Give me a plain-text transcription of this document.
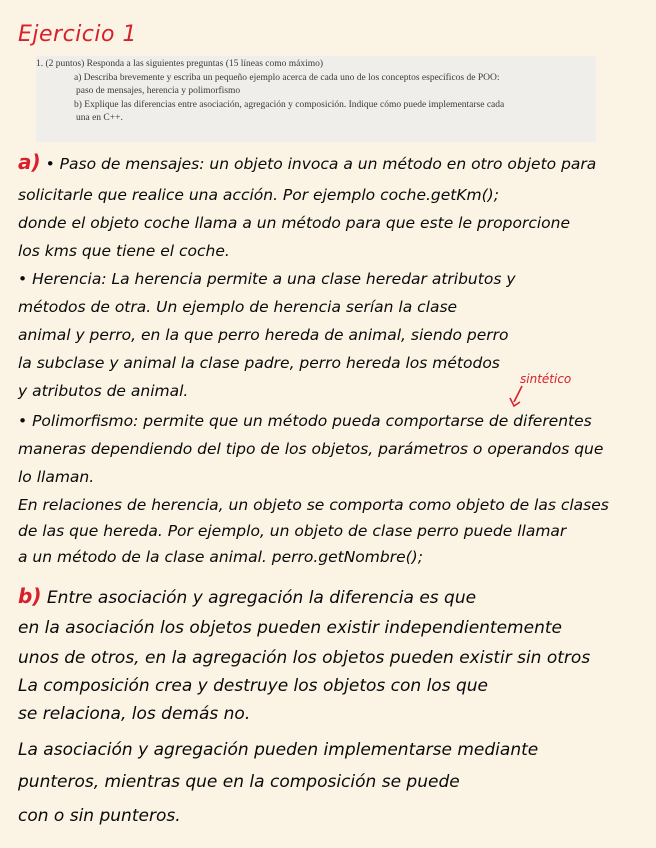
Ejercicio 1
1. (2 puntos) Responda a las siguientes preguntas (15 líneas como máximo)
a) Describa brevemente y escriba un pequeño ejemplo acerca de cada uno de los conceptos específicos de POO:
paso de mensajes, herencia y polimorfismo
b) Explique las diferencias entre asociación, agregación y composición. Indique cómo puede implementarse cada
una en C++.
a) • Paso de mensajes: un objeto invoca a un método en otro objeto para
solicitarle que realice una acción. Por ejemplo coche.getKm();
donde el objeto coche llama a un método para que este le proporcione
los kms que tiene el coche.
• Herencia: La herencia permite a una clase heredar atributos y
métodos de otra. Un ejemplo de herencia serían la clase
animal y perro, en la que perro hereda de animal, siendo perro
la subclase y animal la clase padre, perro hereda los métodos
y atributos de animal.
• Polimorfismo: permite que un método pueda comportarse de diferentes
maneras dependiendo del tipo de los objetos, parámetros o operandos que
lo llaman.
En relaciones de herencia, un objeto se comporta como objeto de las clases
de las que hereda. Por ejemplo, un objeto de clase perro puede llamar
a un método de la clase animal. perro.getNombre();
sintético
b) Entre asociación y agregación la diferencia es que
en la asociación los objetos pueden existir independientemente
unos de otros, en la agregación los objetos pueden existir sin otros
La composición crea y destruye los objetos con los que
se relaciona, los demás no.
La asociación y agregación pueden implementarse mediante
punteros, mientras que en la composición se puede
con o sin punteros.
